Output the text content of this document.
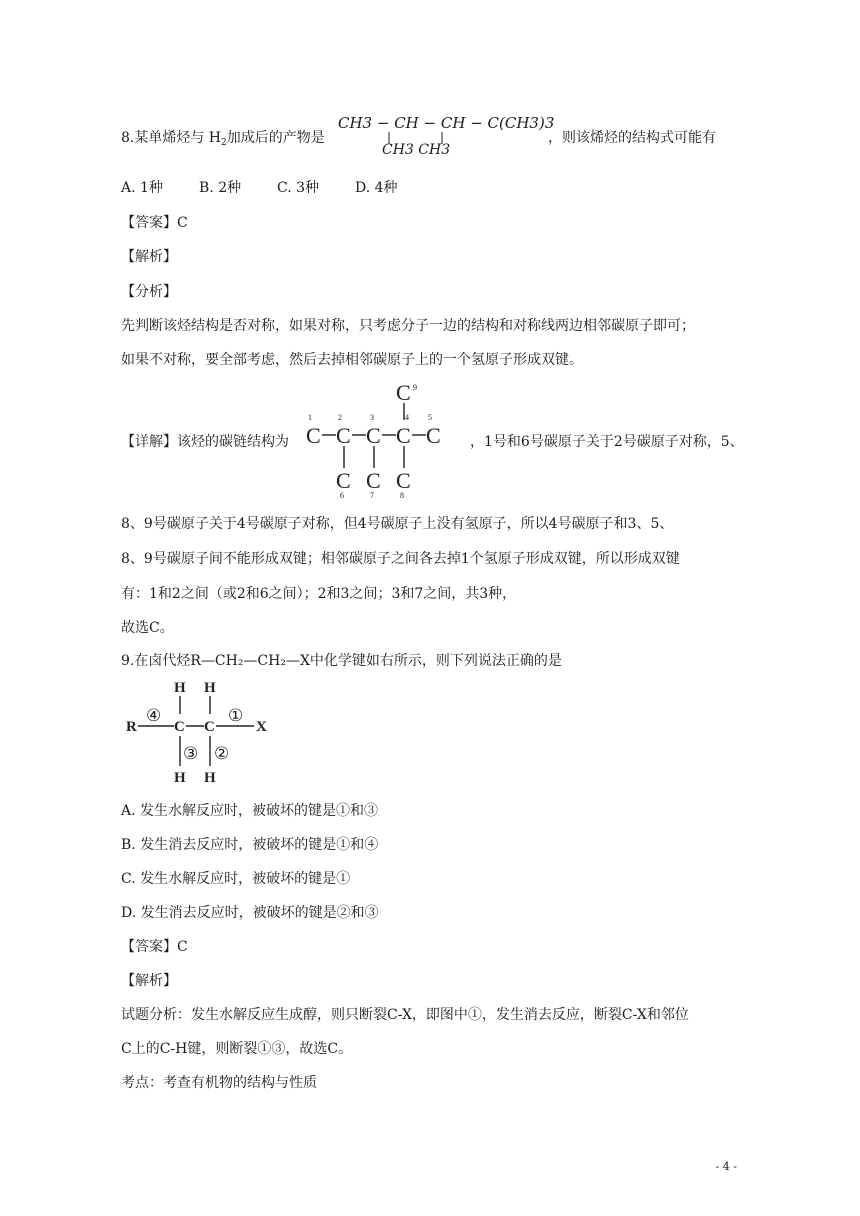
8.某单烯烃与 $H_2$加成后的产物是
CH3 − CH − CH − C(CH3)3
CH3 CH3
，则该烯烃的结构式可能有
A. 1种	B. 2种	C. 3种	D. 4种
【答案】C
【解析】
【分析】
先判断该烃结构是否对称，如果对称，只考虑分子一边的结构和对称线两边相邻碳原子即可；
如果不对称，要全部考虑，然后去掉相邻碳原子上的一个氢原子形成双键。
【详解】该烃的碳链结构为 C C C C C
C C C
C
1	2	3	4 5
6	7	8
9
，1号和6号碳原子关于2号碳原子对称，5、
8、9号碳原子关于4号碳原子对称，但4号碳原子上没有氢原子，所以4号碳原子和3、5、
8、9号碳原子间不能形成双键；相邻碳原子之间各去掉1个氢原子形成双键，所以形成双键
有：1和2之间（或2和6之间）；2和3之间；3和7之间，共3种，
故选C。
9.在卤代烃R—CH₂—CH₂—X中化学键如右所示，则下列说法正确的是
H H
R C C	X
H H
④	①
③ ②
A. 发生水解反应时，被破坏的键是①和③
B. 发生消去反应时，被破坏的键是①和④
C. 发生水解反应时，被破坏的键是①
D. 发生消去反应时，被破坏的键是②和③
【答案】C
【解析】
试题分析：发生水解反应生成醇，则只断裂C-X，即图中①，发生消去反应，断裂C-X和邻位
C上的C-H键，则断裂①③，故选C。
考点：考查有机物的结构与性质
- 4 -
